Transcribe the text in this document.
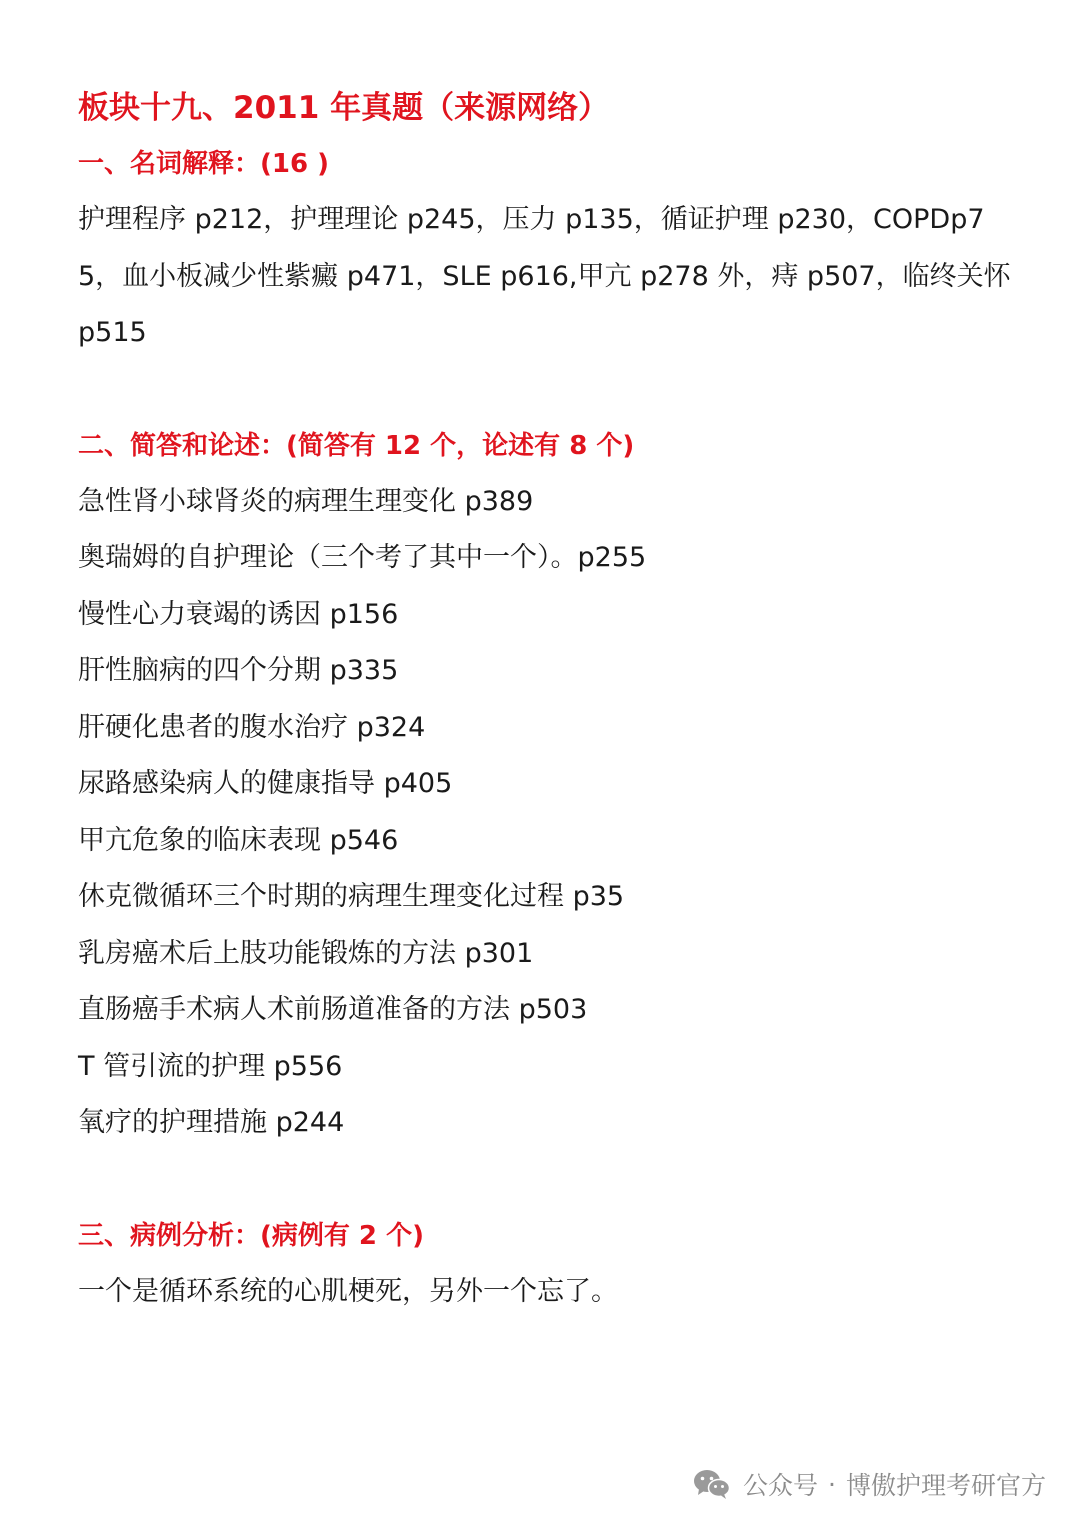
板块十九、2011 年真题（来源网络）
一、名词解释：(16 )
护理程序 p212，护理理论 p245，压力 p135，循证护理 p230，COPDp75，血小板减少性紫癜 p471，SLE p616,甲亢 p278 外，痔 p507，临终关怀 p515
二、简答和论述：(简答有 12 个，论述有 8 个)
急性肾小球肾炎的病理生理变化 p389
奥瑞姆的自护理论（三个考了其中一个）。p255
慢性心力衰竭的诱因 p156
肝性脑病的四个分期 p335
肝硬化患者的腹水治疗 p324
尿路感染病人的健康指导 p405
甲亢危象的临床表现 p546
休克微循环三个时期的病理生理变化过程 p35
乳房癌术后上肢功能锻炼的方法 p301
直肠癌手术病人术前肠道准备的方法 p503
T 管引流的护理 p556
氧疗的护理措施 p244
三、病例分析：(病例有 2 个)
一个是循环系统的心肌梗死，另外一个忘了。
公众号 · 博傲护理考研官方
